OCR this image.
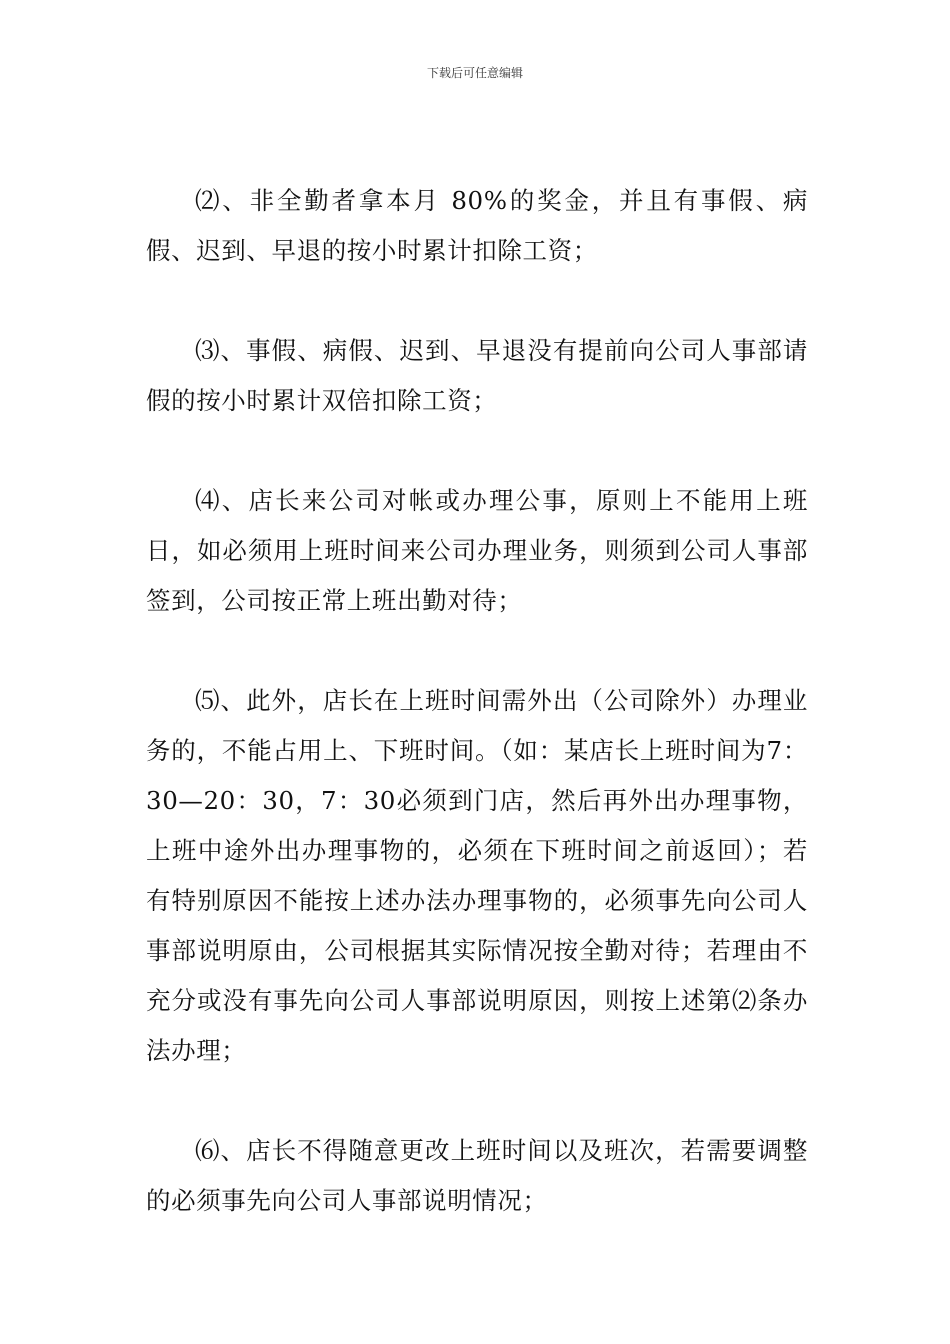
下载后可任意编辑

⑵、非全勤者拿本月 80%的奖金，并且有事假、病假、迟到、早退的按小时累计扣除工资；

⑶、事假、病假、迟到、早退没有提前向公司人事部请假的按小时累计双倍扣除工资；

⑷、店长来公司对帐或办理公事，原则上不能用上班日，如必须用上班时间来公司办理业务，则须到公司人事部签到，公司按正常上班出勤对待；

⑸、此外，店长在上班时间需外出（公司除外）办理业务的，不能占用上、下班时间。（如：某店长上班时间为7：30—20：30，7：30必须到门店，然后再外出办理事物，上班中途外出办理事物的，必须在下班时间之前返回）；若有特别原因不能按上述办法办理事物的，必须事先向公司人事部说明原由，公司根据其实际情况按全勤对待；若理由不充分或没有事先向公司人事部说明原因，则按上述第⑵条办法办理；

⑹、店长不得随意更改上班时间以及班次，若需要调整的必须事先向公司人事部说明情况；
